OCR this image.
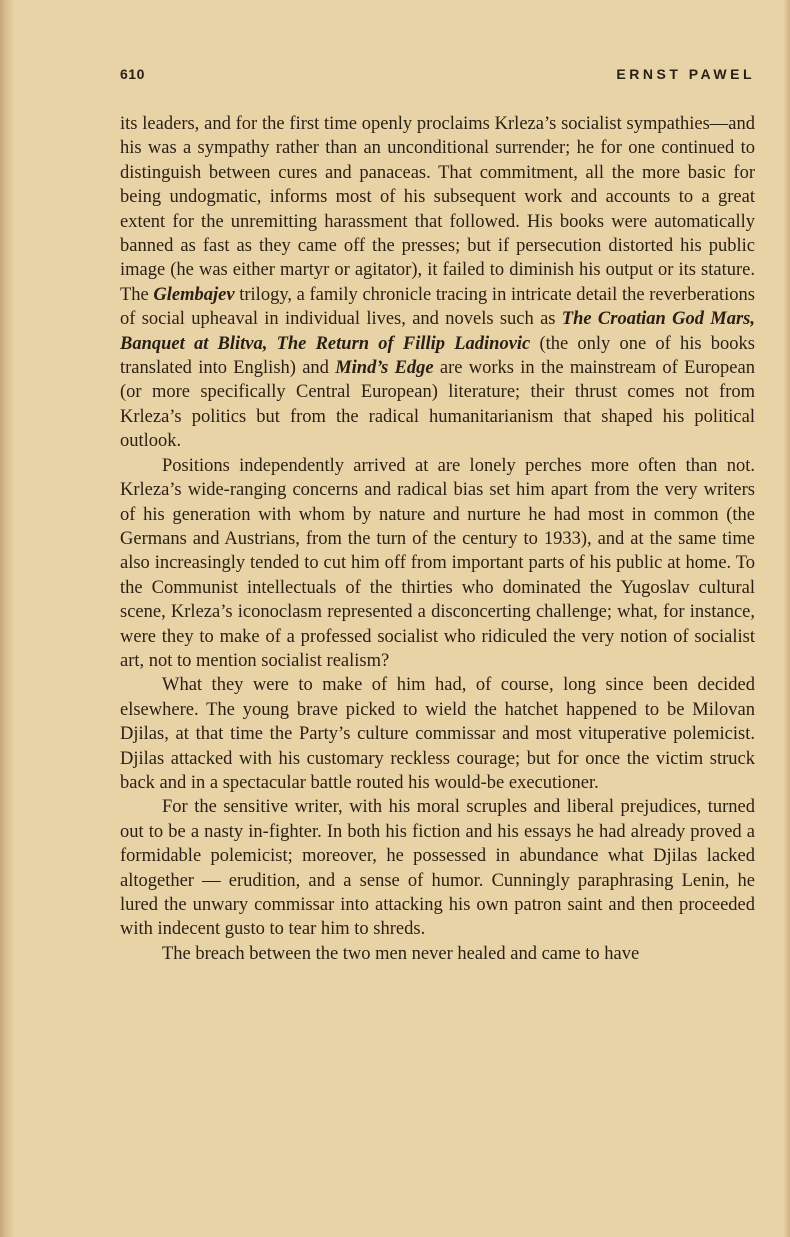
610	ERNST PAWEL

its leaders, and for the first time openly proclaims Krleza’s socialist sympathies—and his was a sympathy rather than an unconditional surrender; he for one continued to distinguish between cures and panaceas. That commitment, all the more basic for being undogmatic, informs most of his subsequent work and accounts to a great extent for the unremitting harassment that followed. His books were automatically banned as fast as they came off the presses; but if persecution distorted his public image (he was either martyr or agitator), it failed to diminish his output or its stature. The Glembajev trilogy, a family chronicle tracing in intricate detail the reverberations of social upheaval in individual lives, and novels such as The Croatian God Mars, Banquet at Blitva, The Return of Fillip Ladinovic (the only one of his books translated into English) and Mind’s Edge are works in the mainstream of European (or more specifically Central European) literature; their thrust comes not from Krleza’s politics but from the radical humanitarianism that shaped his political outlook.

Positions independently arrived at are lonely perches more often than not. Krleza’s wide-ranging concerns and radical bias set him apart from the very writers of his generation with whom by nature and nurture he had most in common (the Germans and Austrians, from the turn of the century to 1933), and at the same time also increasingly tended to cut him off from important parts of his public at home. To the Communist intellectuals of the thirties who dominated the Yugoslav cultural scene, Krleza’s iconoclasm represented a disconcerting challenge; what, for instance, were they to make of a professed socialist who ridiculed the very notion of socialist art, not to mention socialist realism?

What they were to make of him had, of course, long since been decided elsewhere. The young brave picked to wield the hatchet happened to be Milovan Djilas, at that time the Party’s culture commissar and most vituperative polemicist. Djilas attacked with his customary reckless courage; but for once the victim struck back and in a spectacular battle routed his would-be executioner.

For the sensitive writer, with his moral scruples and liberal prejudices, turned out to be a nasty in-fighter. In both his fiction and his essays he had already proved a formidable polemicist; moreover, he possessed in abundance what Djilas lacked altogether — erudition, and a sense of humor. Cunningly paraphrasing Lenin, he lured the unwary commissar into attacking his own patron saint and then proceeded with indecent gusto to tear him to shreds.

The breach between the two men never healed and came to have
